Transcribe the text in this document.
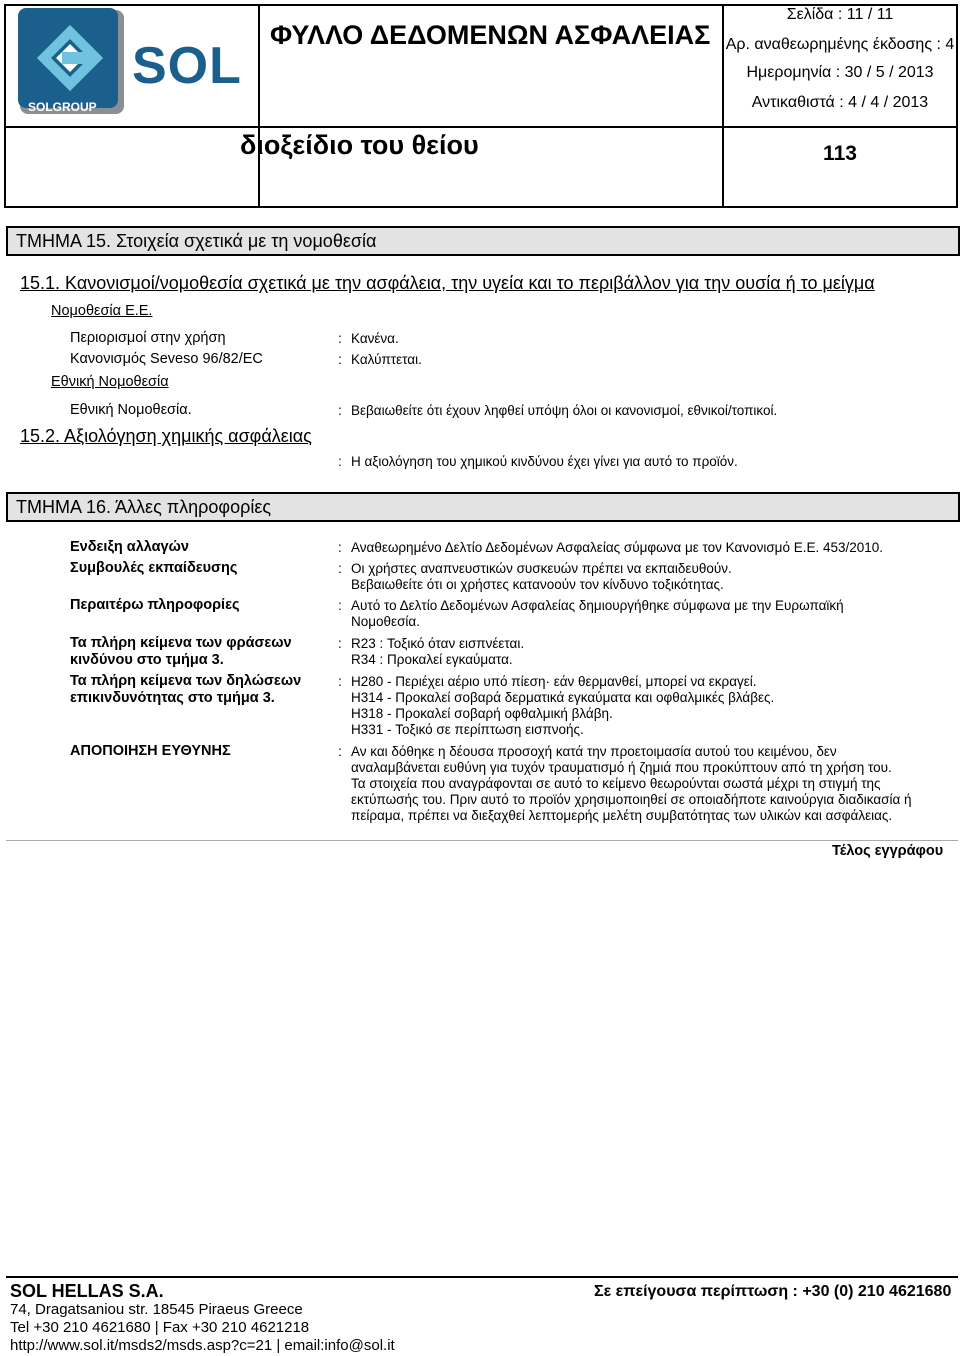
SOL
SOLGROUP
ΦΥΛΛΟ ΔΕΔΟΜΕΝΩΝ ΑΣΦΑΛΕΙΑΣ
διοξείδιο του θείου
Σελίδα : 11 / 11
Αρ. αναθεωρημένης έκδοσης : 4
Ημερομηνία : 30 / 5 / 2013
Αντικαθιστά : 4 / 4 / 2013
113
ΤΜΗΜΑ 15. Στοιχεία σχετικά με τη νομοθεσία
15.1. Κανονισμοί/νομοθεσία σχετικά με την ασφάλεια, την υγεία και το περιβάλλον για την ουσία ή το μείγμα
Νομοθεσία Ε.Ε.
Περιορισμοί στην χρήση	: Κανένα.
Κανονισμός Seveso 96/82/EC	: Καλύπτεται.
Εθνική Νομοθεσία
Εθνική Νομοθεσία.	: Βεβαιωθείτε ότι έχουν ληφθεί υπόψη όλοι οι κανονισμοί, εθνικοί/τοπικοί.
15.2. Αξιολόγηση χημικής ασφάλειας
: Η αξιολόγηση του χημικού κινδύνου έχει γίνει για αυτό το προϊόν.
ΤΜΗΜΑ 16. Άλλες πληροφορίες
Ενδειξη αλλαγών	: Αναθεωρημένο Δελτίο Δεδομένων Ασφαλείας σύμφωνα με τον Κανονισμό Ε.Ε. 453/2010.
Συμβουλές εκπαίδευσης	: Οι χρήστες αναπνευστικών συσκευών πρέπει να εκπαιδευθούν.
Βεβαιωθείτε ότι οι χρήστες κατανοούν τον κίνδυνο τοξικότητας.
Περαιτέρω πληροφορίες	: Αυτό το Δελτίο Δεδομένων Ασφαλείας δημιουργήθηκε σύμφωνα με την Ευρωπαϊκή
Νομοθεσία.
Τα πλήρη κείμενα των φράσεων
κινδύνου στο τμήμα 3.
: R23 : Τοξικό όταν εισπνέεται.
R34 : Προκαλεί εγκαύματα.
Τα πλήρη κείμενα των δηλώσεων
επικινδυνότητας στο τμήμα 3.
: H280 - Περιέχει αέριο υπό πίεση· εάν θερμανθεί, μπορεί να εκραγεί.
H314 - Προκαλεί σοβαρά δερματικά εγκαύματα και οφθαλμικές βλάβες.
H318 - Προκαλεί σοβαρή οφθαλμική βλάβη.
H331 - Τοξικό σε περίπτωση εισπνοής.
ΑΠΟΠΟΙΗΣΗ ΕΥΘΥΝΗΣ	: Αν και δόθηκε η δέουσα προσοχή κατά την προετοιμασία αυτού του κειμένου, δεν
αναλαμβάνεται ευθύνη για τυχόν τραυματισμό ή ζημιά που προκύπτουν από τη χρήση του.
Τα στοιχεία που αναγράφονται σε αυτό το κείμενο θεωρούνται σωστά μέχρι τη στιγμή της
εκτύπωσής του. Πριν αυτό το προϊόν χρησιμοποιηθεί σε οποιαδήποτε καινούργια διαδικασία ή
πείραμα, πρέπει να διεξαχθεί λεπτομερής μελέτη συμβατότητας των υλικών και ασφάλειας.
Τέλος εγγράφου
SOL HELLAS S.A.
74, Dragatsaniou str. 18545 Piraeus Greece
Tel +30 210 4621680 | Fax +30 210 4621218
http://www.sol.it/msds2/msds.asp?c=21 | email:info@sol.it
Σε επείγουσα περίπτωση : +30 (0) 210 4621680
